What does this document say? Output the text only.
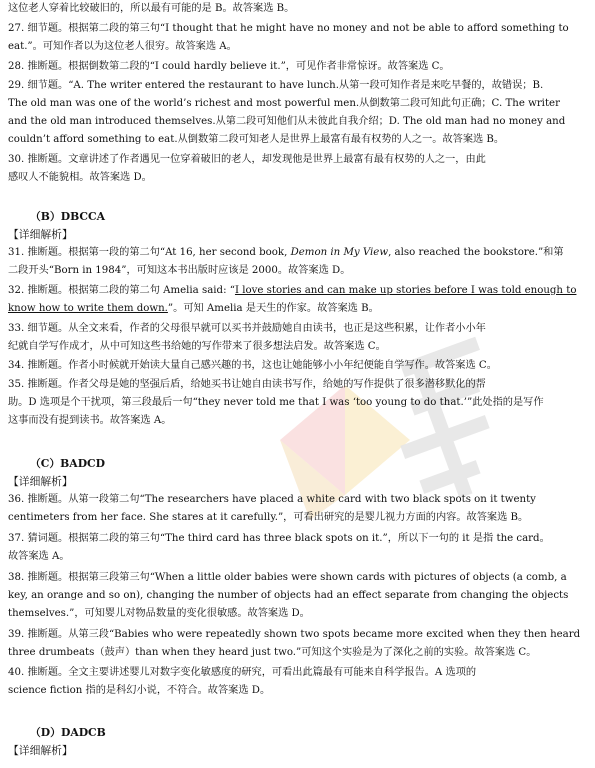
这位老人穿着比较破旧的，所以最有可能的是 B。故答案选 B。
27. 细节题。根据第二段的第三句“I thought that he might have no money and not be able to afford something to
eat.”。可知作者以为这位老人很穷。故答案选 A。
28. 推断题。根据倒数第二段的“I could hardly believe it.”，可见作者非常惊讶。故答案选 C。
29. 细节题。“A. The writer entered the restaurant to have lunch.从第一段可知作者是来吃早餐的，故错误；B.
The old man was one of the world’s richest and most powerful men.从倒数第二段可知此句正确；C. The writer
and the old man introduced themselves.从第二段可知他们从未彼此自我介绍；D. The old man had no money and
couldn’t afford something to eat.从倒数第二段可知老人是世界上最富有最有权势的人之一。故答案选 B。
30. 推断题。文章讲述了作者遇见一位穿着破旧的老人，却发现他是世界上最富有最有权势的人之一，由此
感叹人不能貌相。故答案选 D。
（B）DBCCA
【详细解析】
31. 推断题。根据第一段的第二句“At 16, her second book, Demon in My View, also reached the bookstore.”和第
二段开头“Born in 1984”，可知这本书出版时应该是 2000。故答案选 D。
32. 推断题。根据第二段的第二句 Amelia said: “I love stories and can make up stories before I was told enough to
know how to write them down.”。可知 Amelia 是天生的作家。故答案选 B。
33. 细节题。从全文来看，作者的父母很早就可以买书并鼓励她自由读书，也正是这些积累，让作者小小年
纪就自学写作成才，从中可知这些书给她的写作带来了很多想法启发。故答案选 C。
34. 推断题。作者小时候就开始读大量自己感兴趣的书，这也让她能够小小年纪便能自学写作。故答案选 C。
35. 推断题。作者父母是她的坚强后盾，给她买书让她自由读书写作，给她的写作提供了很多潜移默化的帮
助。D 选项是个干扰项，第三段最后一句“they never told me that I was ‘too young to do that.’”此处指的是写作
这事而没有提到读书。故答案选 A。
（C）BADCD
【详细解析】
36. 推断题。从第一段第二句“The researchers have placed a white card with two black spots on it twenty
centimeters from her face. She stares at it carefully.”，可看出研究的是婴儿视力方面的内容。故答案选 B。
37. 猜词题。根据第二段的第三句“The third card has three black spots on it.”，所以下一句的 it 是指 the card。
故答案选 A。
38. 推断题。根据第三段第三句“When a little older babies were shown cards with pictures of objects (a comb, a
key, an orange and so on), changing the number of objects had an effect separate from changing the objects
themselves.”，可知婴儿对物品数量的变化很敏感。故答案选 D。
39. 推断题。从第三段“Babies who were repeatedly shown two spots became more excited when they then heard
three drumbeats（鼓声）than when they heard just two.”可知这个实验是为了深化之前的实验。故答案选 C。
40. 推断题。全文主要讲述婴儿对数字变化敏感度的研究，可看出此篇最有可能来自科学报告。A 选项的
science fiction 指的是科幻小说，不符合。故答案选 D。
（D）DADCB
【详细解析】
